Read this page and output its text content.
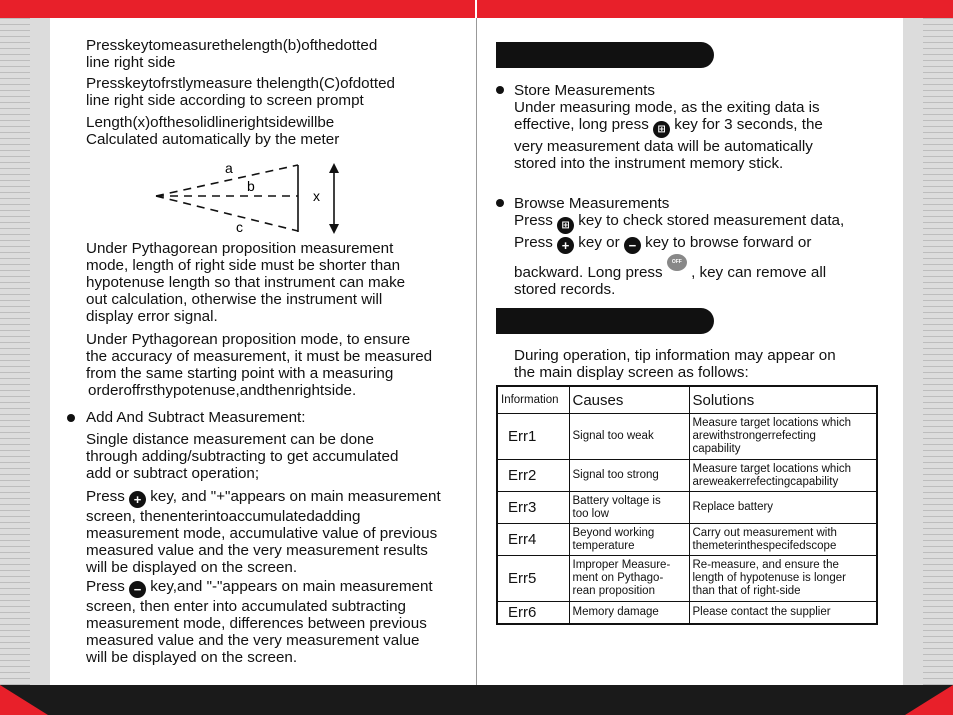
Presskeytomeasurethelength(b)ofthedotted
line right side

Presskeytofrstlymeasure thelength(C)ofdotted
line right side according to screen prompt

Length(x)ofthesolidlinerightsidewillbe
Calculated automatically by the meter

a
b
c
x

Under Pythagorean proposition measurement
mode, length of right side must be shorter than
hypotenuse length so that instrument can make
out calculation, otherwise the instrument will
display error signal.

Under Pythagorean proposition mode, to ensure
the accuracy of measurement, it must be measured
from the same starting point with a measuring
orderoffrsthypotenuse,andthenrightside.

Add And Subtract Measurement:

Single distance measurement can be done
through adding/subtracting to get accumulated
add or subtract operation;

Press + key, and "+"appears on main measurement
screen, thenenterintoaccumulatedadding
measurement mode, accumulative value of previous
measured value and the very measurement results
will be displayed on the screen.

Press − key,and "-"appears on main measurement
screen, then enter into accumulated subtracting
measurement mode, differences between previous
measured value and the very measurement value
will be displayed on the screen.

Store Measurements
Under measuring mode, as the exiting data is
effective, long press ⊞ key for 3 seconds, the
very measurement data will be automatically
stored into the instrument memory stick.

Browse Measurements
Press ⊞ key to check stored measurement data,
Press + key or − key to browse forward or
backward. Long press OFF CLEAR , key can remove all
stored records.

During operation, tip information may appear on
the main display screen as follows:

Information	Causes	Solutions
Err1	Signal too weak	Measure target locations which
arewithstrongerrefecting
capability
Err2	Signal too strong	Measure target locations which
areweakerrefectingcapability
Err3	Battery voltage is
too low	Replace battery
Err4	Beyond working
temperature	Carry out measurement with
themeterinthespecifedscope
Err5	Improper Measure-
ment on Pythago-
rean proposition	Re-measure, and ensure the
length of hypotenuse is longer
than that of right-side
Err6	Memory damage	Please contact the supplier
